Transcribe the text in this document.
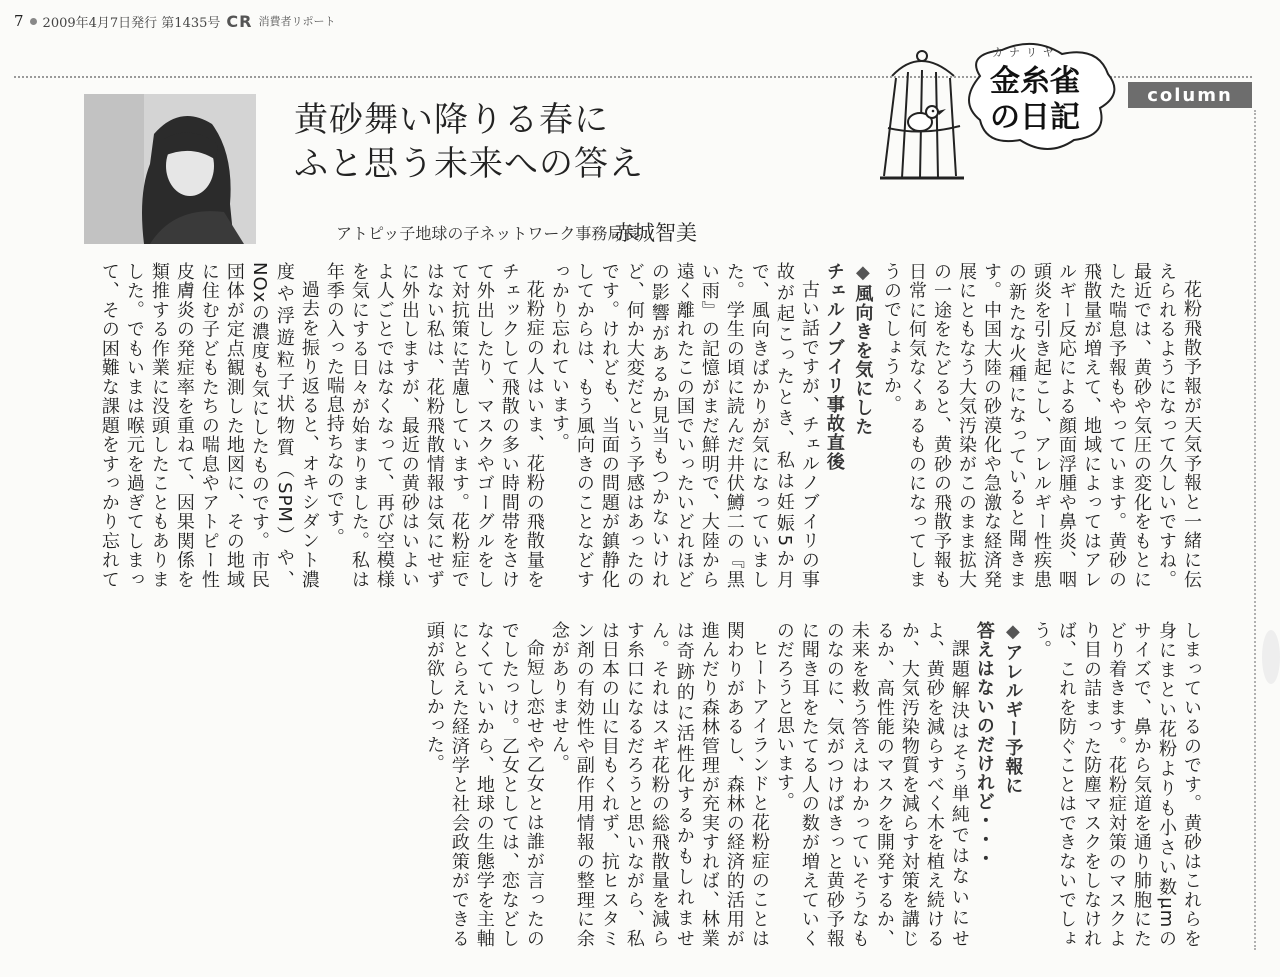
7 2009年4月7日発行 第1435号 CR 消費者リポート
カナリヤ
金糸雀の日記
column
黄砂舞い降りる春に
ふと思う未来への答え
アトピッ子地球の子ネットワーク事務局長
赤城智美

花粉飛散予報が天気予報と一緒に伝えられるようになって久しいですね。最近では、黄砂や気圧の変化をもとにした喘息予報もやっています。黄砂の飛散量が増えて、地域によってはアレルギー反応による顔面浮腫や鼻炎、咽頭炎を引き起こし、アレルギー性疾患の新たな火種になっていると聞きます。中国大陸の砂漠化や急激な経済発展にともなう大気汚染がこのまま拡大の一途をたどると、黄砂の飛散予報も日常に何気なくぁるものになってしまうのでしょうか。

◆風向きを気にした

チェルノブイリ事故直後

古い話ですが、チェルノブイリの事故が起こったとき、私は妊娠5か月で、風向きばかりが気になっていました。学生の頃に読んだ井伏鱒二の『黒い雨』の記憶がまだ鮮明で、大陸から遠く離れたこの国でいったいどれほどの影響があるか見当もつかないけれど、何か大変だという予感はあったのです。けれども、当面の問題が鎮静化してからは、もう風向きのことなどすっかり忘れています。

花粉症の人はいま、花粉の飛散量をチェックして飛散の多い時間帯をさけて外出したり、マスクやゴーグルをして対抗策に苦慮しています。花粉症ではない私は、花粉飛散情報は気にせずに外出しますが、最近の黄砂はいよいよ人ごとではなくなって、再び空模様を気にする日々が始まりました。私は年季の入った喘息持ちなのです。

過去を振り返ると、オキシダント濃度や浮遊粒子状物質（SPM）や、NOxの濃度も気にしたものです。市民団体が定点観測した地図に、その地域に住む子どもたちの喘息やアトピー性皮膚炎の発症率を重ねて、因果関係を類推する作業に没頭したこともありました。でもいまは喉元を過ぎてしまって、その困難な課題をすっかり忘れてしまっているのです。黄砂はこれらを身にまとい花粉よりも小さい数μmのサイズで、鼻から気道を通り肺胞にたどり着きます。花粉症対策のマスクより目の詰まった防塵マスクをしなければ、これを防ぐことはできないでしょう。

◆アレルギー予報に

答えはないのだけれど・・・

課題解決はそう単純ではないにせよ、黄砂を減らすべく木を植え続けるか、大気汚染物質を減らす対策を講じるか、高性能のマスクを開発するか、未来を救う答えはわかっていそうなものなのに、気がつけばきっと黄砂予報に聞き耳をたてる人の数が増えていくのだろうと思います。

ヒートアイランドと花粉症のことは関わりがあるし、森林の経済的活用が進んだり森林管理が充実すれば、林業は奇跡的に活性化するかもしれません。それはスギ花粉の総飛散量を減らす糸口になるだろうと思いながら、私は日本の山に目もくれず、抗ヒスタミン剤の有効性や副作用情報の整理に余念がありません。

命短し恋せや乙女とは誰が言ったのでしたっけ。乙女としては、恋などしなくていいから、地球の生態学を主軸にとらえた経済学と社会政策ができる頭が欲しかった。
